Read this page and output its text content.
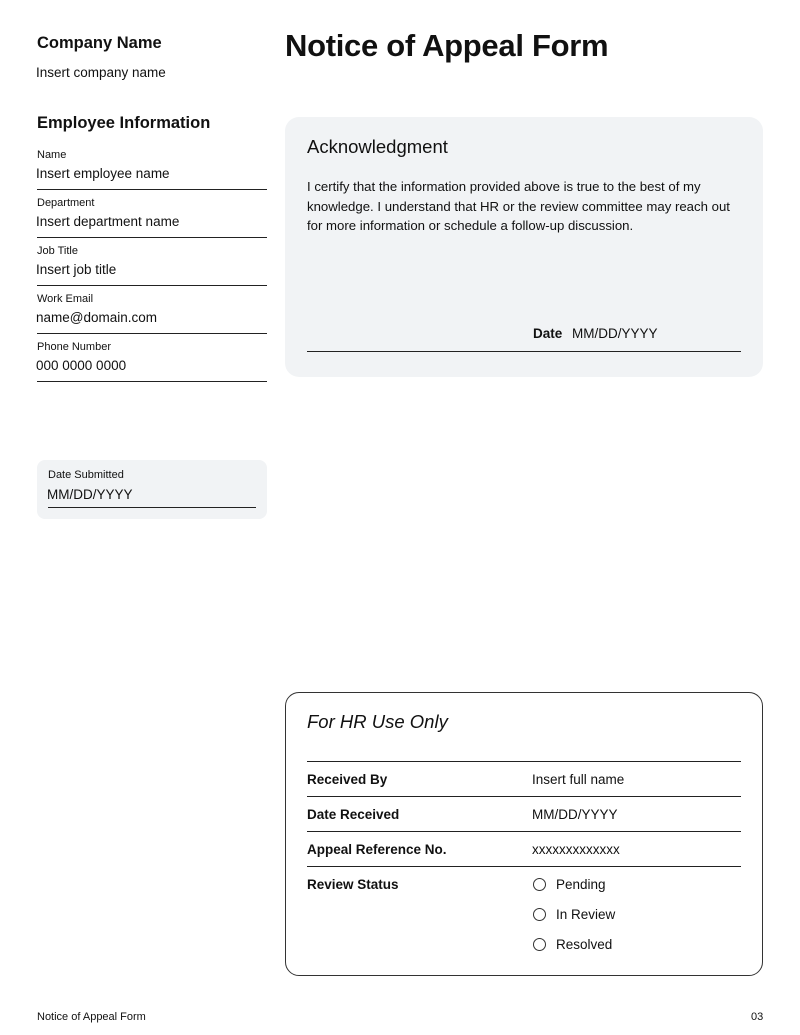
Company Name
Insert company name
Notice of Appeal Form
Employee Information
Name
Insert employee name
Department
Insert department name
Job Title
Insert job title
Work Email
name@domain.com
Phone Number
000 0000 0000
Date Submitted
MM/DD/YYYY
Acknowledgment

I certify that the information provided above is true to the best of my knowledge. I understand that HR or the review committee may reach out for more information or schedule a follow-up discussion.

Date MM/DD/YYYY
For HR Use Only
Received By	Insert full name
Date Received	MM/DD/YYYY
Appeal Reference No.	xxxxxxxxxxxxx
Review Status	Pending
In Review
Resolved
Notice of Appeal Form	03
